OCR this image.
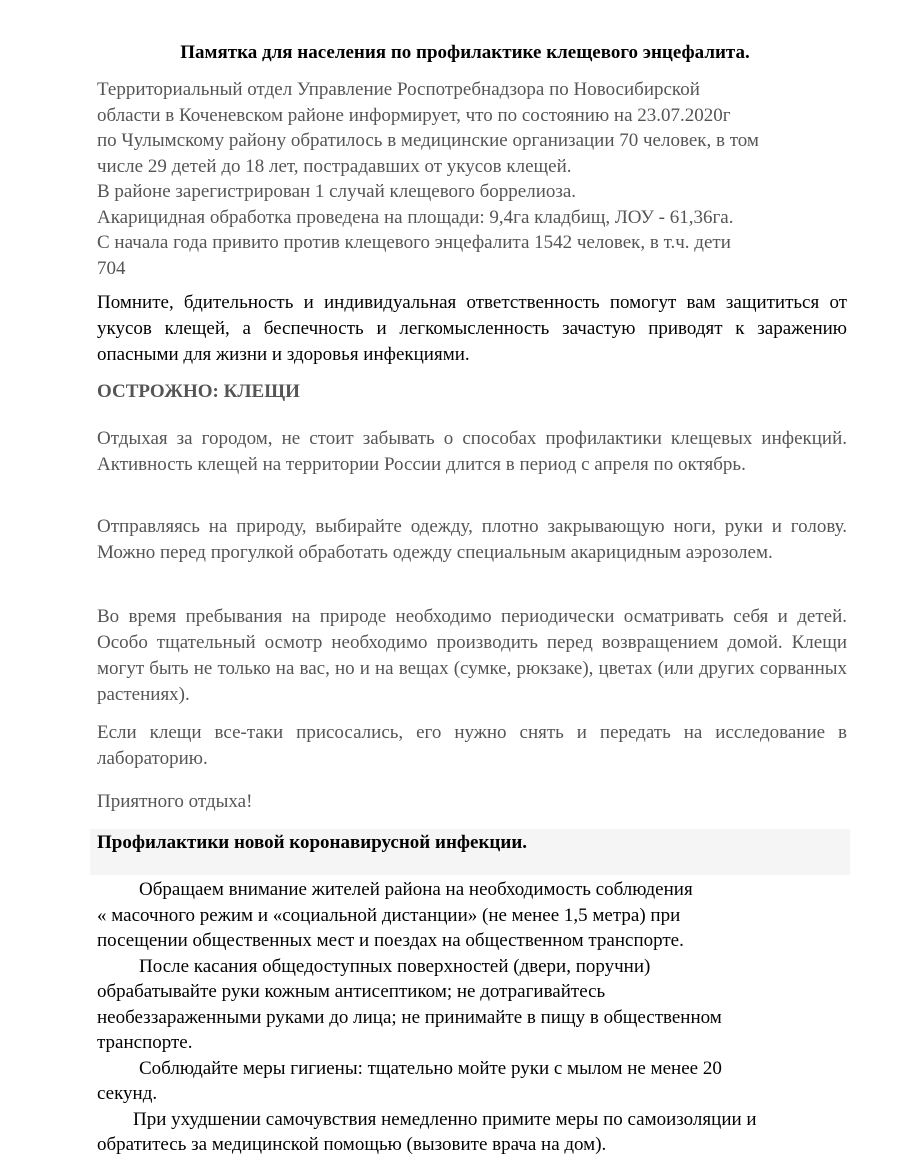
Памятка для населения по профилактике клещевого энцефалита.
Территориальный отдел Управление Роспотребнадзора по Новосибирской
области в Коченевском районе информирует, что по состоянию на 23.07.2020г
по Чулымскому району обратилось в медицинские организации 70 человек, в том
числе 29 детей до 18 лет, пострадавших от укусов клещей.
В районе зарегистрирован 1 случай клещевого боррелиоза.
Акарицидная обработка проведена на площади: 9,4га кладбищ, ЛОУ - 61,36га.
С начала года привито против клещевого энцефалита 1542 человек, в т.ч. дети
704

Помните, бдительность и индивидуальная ответственность помогут вам защититься от укусов клещей, а беспечность и легкомысленность зачастую приводят к заражению опасными для жизни и здоровья инфекциями.

ОСТРОЖНО: КЛЕЩИ

Отдыхая за городом, не стоит забывать о способах профилактики клещевых инфекций. Активность клещей на территории России длится в период с апреля по октябрь.

Отправляясь на природу, выбирайте одежду, плотно закрывающую ноги, руки и голову. Можно перед прогулкой обработать одежду специальным акарицидным аэрозолем.

Во время пребывания на природе необходимо периодически осматривать себя и детей. Особо тщательный осмотр необходимо производить перед возвращением домой. Клещи могут быть не только на вас, но и на вещах (сумке, рюкзаке), цветах (или других сорванных растениях).

Если клещи все-таки присосались, его нужно снять и передать на исследование в лабораторию.

Приятного отдыха!

Профилактики новой коронавирусной инфекции.
Обращаем внимание жителей района на необходимость соблюдения
« масочного режим и «социальной дистанции» (не менее 1,5 метра) при
посещении общественных мест и поездах на общественном транспорте.
После касания общедоступных поверхностей (двери, поручни)
обрабатывайте руки кожным антисептиком; не дотрагивайтесь
необеззараженными руками до лица; не принимайте в пищу в общественном
транспорте.
Соблюдайте меры гигиены: тщательно мойте руки с мылом не менее 20
секунд.
При ухудшении самочувствия немедленно примите меры по самоизоляции и
обратитесь за медицинской помощью (вызовите врача на дом).
